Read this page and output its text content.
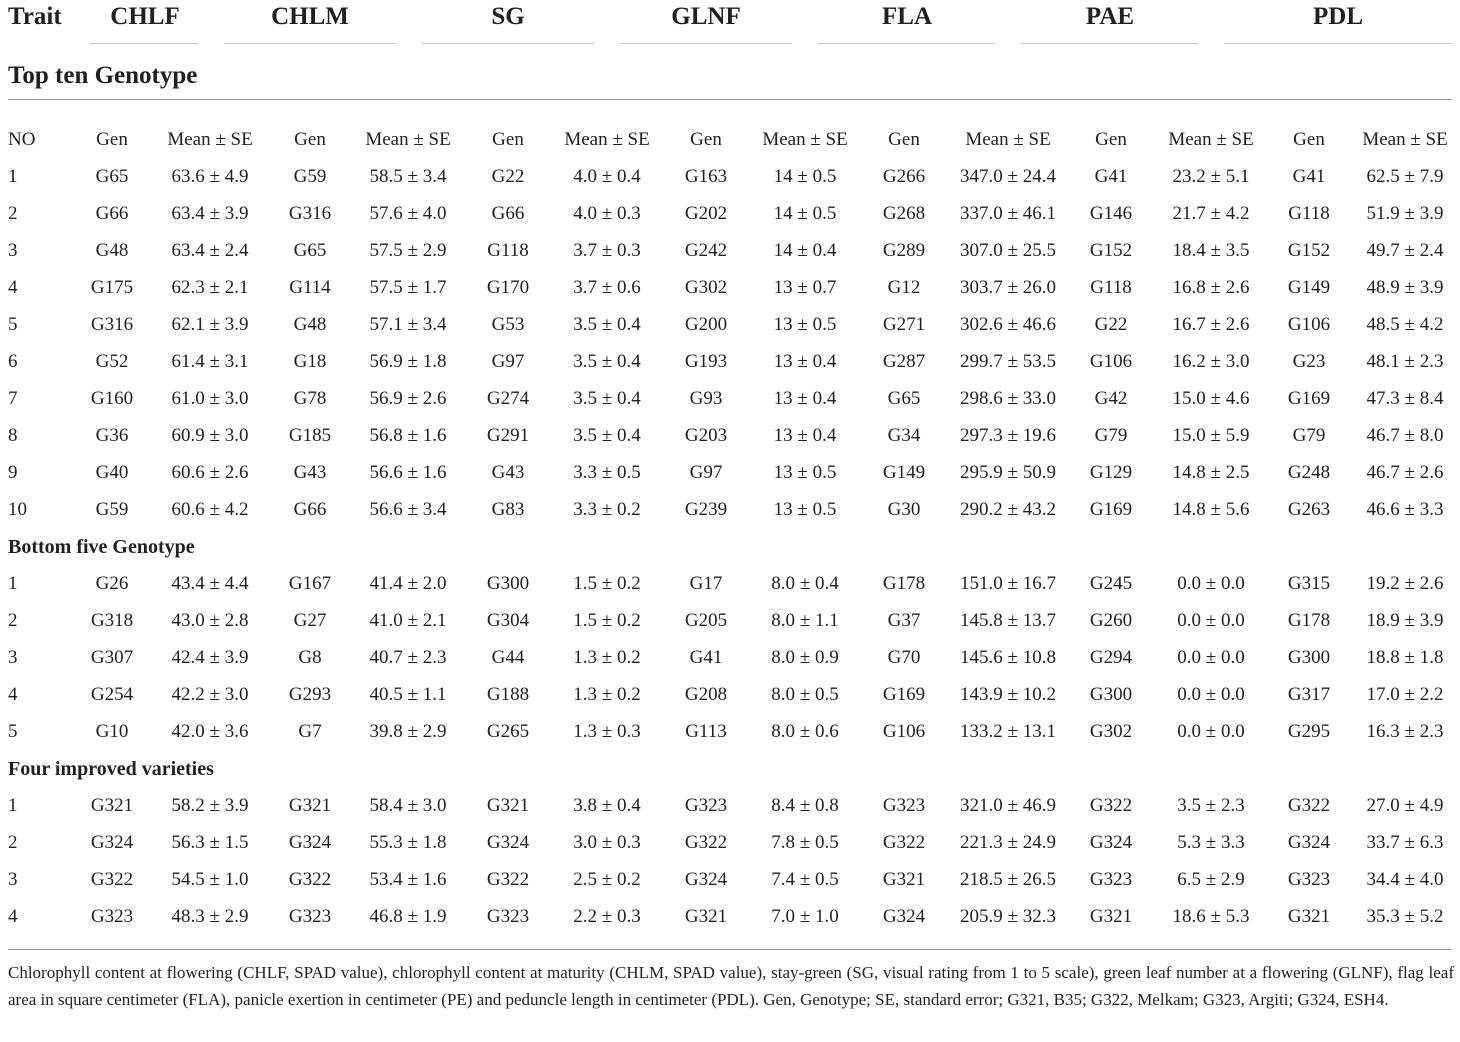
Trait	CHLF	CHLM	SG	GLNF	FLA	PAE	PDL
Top ten Genotype
NO	Gen	Mean ± SE	Gen	Mean ± SE	Gen	Mean ± SE	Gen	Mean ± SE	Gen	Mean ± SE	Gen	Mean ± SE	Gen	Mean ± SE
1	G65	63.6 ± 4.9	G59	58.5 ± 3.4	G22	4.0 ± 0.4	G163	14 ± 0.5	G266	347.0 ± 24.4	G41	23.2 ± 5.1	G41	62.5 ± 7.9
2	G66	63.4 ± 3.9	G316	57.6 ± 4.0	G66	4.0 ± 0.3	G202	14 ± 0.5	G268	337.0 ± 46.1	G146	21.7 ± 4.2	G118	51.9 ± 3.9
3	G48	63.4 ± 2.4	G65	57.5 ± 2.9	G118	3.7 ± 0.3	G242	14 ± 0.4	G289	307.0 ± 25.5	G152	18.4 ± 3.5	G152	49.7 ± 2.4
4	G175	62.3 ± 2.1	G114	57.5 ± 1.7	G170	3.7 ± 0.6	G302	13 ± 0.7	G12	303.7 ± 26.0	G118	16.8 ± 2.6	G149	48.9 ± 3.9
5	G316	62.1 ± 3.9	G48	57.1 ± 3.4	G53	3.5 ± 0.4	G200	13 ± 0.5	G271	302.6 ± 46.6	G22	16.7 ± 2.6	G106	48.5 ± 4.2
6	G52	61.4 ± 3.1	G18	56.9 ± 1.8	G97	3.5 ± 0.4	G193	13 ± 0.4	G287	299.7 ± 53.5	G106	16.2 ± 3.0	G23	48.1 ± 2.3
7	G160	61.0 ± 3.0	G78	56.9 ± 2.6	G274	3.5 ± 0.4	G93	13 ± 0.4	G65	298.6 ± 33.0	G42	15.0 ± 4.6	G169	47.3 ± 8.4
8	G36	60.9 ± 3.0	G185	56.8 ± 1.6	G291	3.5 ± 0.4	G203	13 ± 0.4	G34	297.3 ± 19.6	G79	15.0 ± 5.9	G79	46.7 ± 8.0
9	G40	60.6 ± 2.6	G43	56.6 ± 1.6	G43	3.3 ± 0.5	G97	13 ± 0.5	G149	295.9 ± 50.9	G129	14.8 ± 2.5	G248	46.7 ± 2.6
10	G59	60.6 ± 4.2	G66	56.6 ± 3.4	G83	3.3 ± 0.2	G239	13 ± 0.5	G30	290.2 ± 43.2	G169	14.8 ± 5.6	G263	46.6 ± 3.3
Bottom five Genotype
1	G26	43.4 ± 4.4	G167	41.4 ± 2.0	G300	1.5 ± 0.2	G17	8.0 ± 0.4	G178	151.0 ± 16.7	G245	0.0 ± 0.0	G315	19.2 ± 2.6
2	G318	43.0 ± 2.8	G27	41.0 ± 2.1	G304	1.5 ± 0.2	G205	8.0 ± 1.1	G37	145.8 ± 13.7	G260	0.0 ± 0.0	G178	18.9 ± 3.9
3	G307	42.4 ± 3.9	G8	40.7 ± 2.3	G44	1.3 ± 0.2	G41	8.0 ± 0.9	G70	145.6 ± 10.8	G294	0.0 ± 0.0	G300	18.8 ± 1.8
4	G254	42.2 ± 3.0	G293	40.5 ± 1.1	G188	1.3 ± 0.2	G208	8.0 ± 0.5	G169	143.9 ± 10.2	G300	0.0 ± 0.0	G317	17.0 ± 2.2
5	G10	42.0 ± 3.6	G7	39.8 ± 2.9	G265	1.3 ± 0.3	G113	8.0 ± 0.6	G106	133.2 ± 13.1	G302	0.0 ± 0.0	G295	16.3 ± 2.3
Four improved varieties
1	G321	58.2 ± 3.9	G321	58.4 ± 3.0	G321	3.8 ± 0.4	G323	8.4 ± 0.8	G323	321.0 ± 46.9	G322	3.5 ± 2.3	G322	27.0 ± 4.9
2	G324	56.3 ± 1.5	G324	55.3 ± 1.8	G324	3.0 ± 0.3	G322	7.8 ± 0.5	G322	221.3 ± 24.9	G324	5.3 ± 3.3	G324	33.7 ± 6.3
3	G322	54.5 ± 1.0	G322	53.4 ± 1.6	G322	2.5 ± 0.2	G324	7.4 ± 0.5	G321	218.5 ± 26.5	G323	6.5 ± 2.9	G323	34.4 ± 4.0
4	G323	48.3 ± 2.9	G323	46.8 ± 1.9	G323	2.2 ± 0.3	G321	7.0 ± 1.0	G324	205.9 ± 32.3	G321	18.6 ± 5.3	G321	35.3 ± 5.2
Chlorophyll content at flowering (CHLF, SPAD value), chlorophyll content at maturity (CHLM, SPAD value), stay-green (SG, visual rating from 1 to 5 scale), green leaf number at a flowering (GLNF), flag leaf area in square centimeter (FLA), panicle exertion in centimeter (PE) and peduncle length in centimeter (PDL). Gen, Genotype; SE, standard error; G321, B35; G322, Melkam; G323, Argiti; G324, ESH4.
